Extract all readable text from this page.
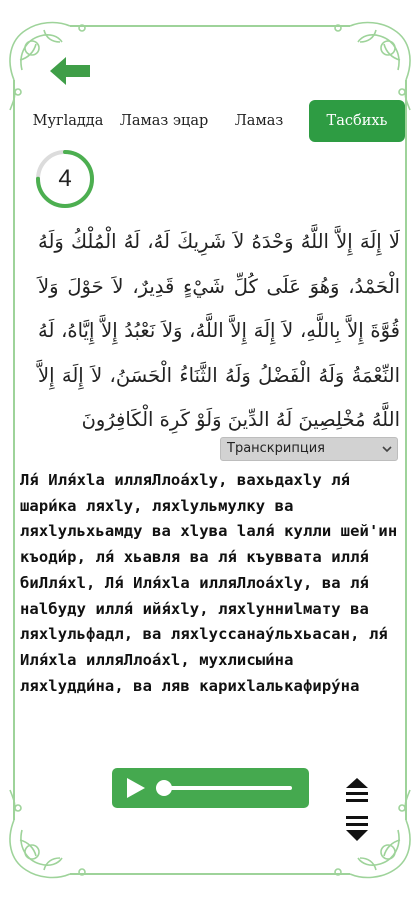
Мугlадда	Ламаз эцар	Ламаз	Тасбихь
4
لَا إِلَهَ إِلاَّ اللَّهُ وَحْدَهُ لاَ شَرِيكَ لَهُ، لَهُ الْمُلْكُ وَلَهُ الْحَمْدُ، وَهُوَ عَلَى كُلِّ شَيْءٍ قَدِيرٌ، لاَ حَوْلَ وَلاَ قُوَّةَ إِلاَّ بِاللَّهِ، لاَ إِلَهَ إِلاَّ اللَّهُ، وَلاَ نَعْبُدُ إِلاَّ إِيَّاهُ، لَهُ النِّعْمَةُ وَلَهُ الْفَضْلُ وَلَهُ الثَّنَاءُ الْحَسَنُ، لاَ إِلَهَ إِلاَّ اللَّهُ مُخْلِصِينَ لَهُ الدِّينَ وَلَوْ كَرِهَ الْكَافِرُونَ
Транскрипция
Ля́ Иля́хlа илляЛлоа́хlу, вахьдахlу ля́ шари́ка ляхlу, ляхlульмулку ва ляхlульхьамду ва хlува lаля́ кулли шей'ин къоди́р, ля́ хьавля ва ля́ къуввата илля́ биЛля́хl, Ля́ Иля́хlа илляЛлоа́хlу, ва ля́ наlбуду илля́ ийя́хlу, ляхlунниlмату ва ляхlульфадл, ва ляхlуссанау́льхьасан, ля́ Иля́хlа илляЛлоа́хl, мухлисыи́на ляхlудди́на, ва ляв карихlалькафиру́на
